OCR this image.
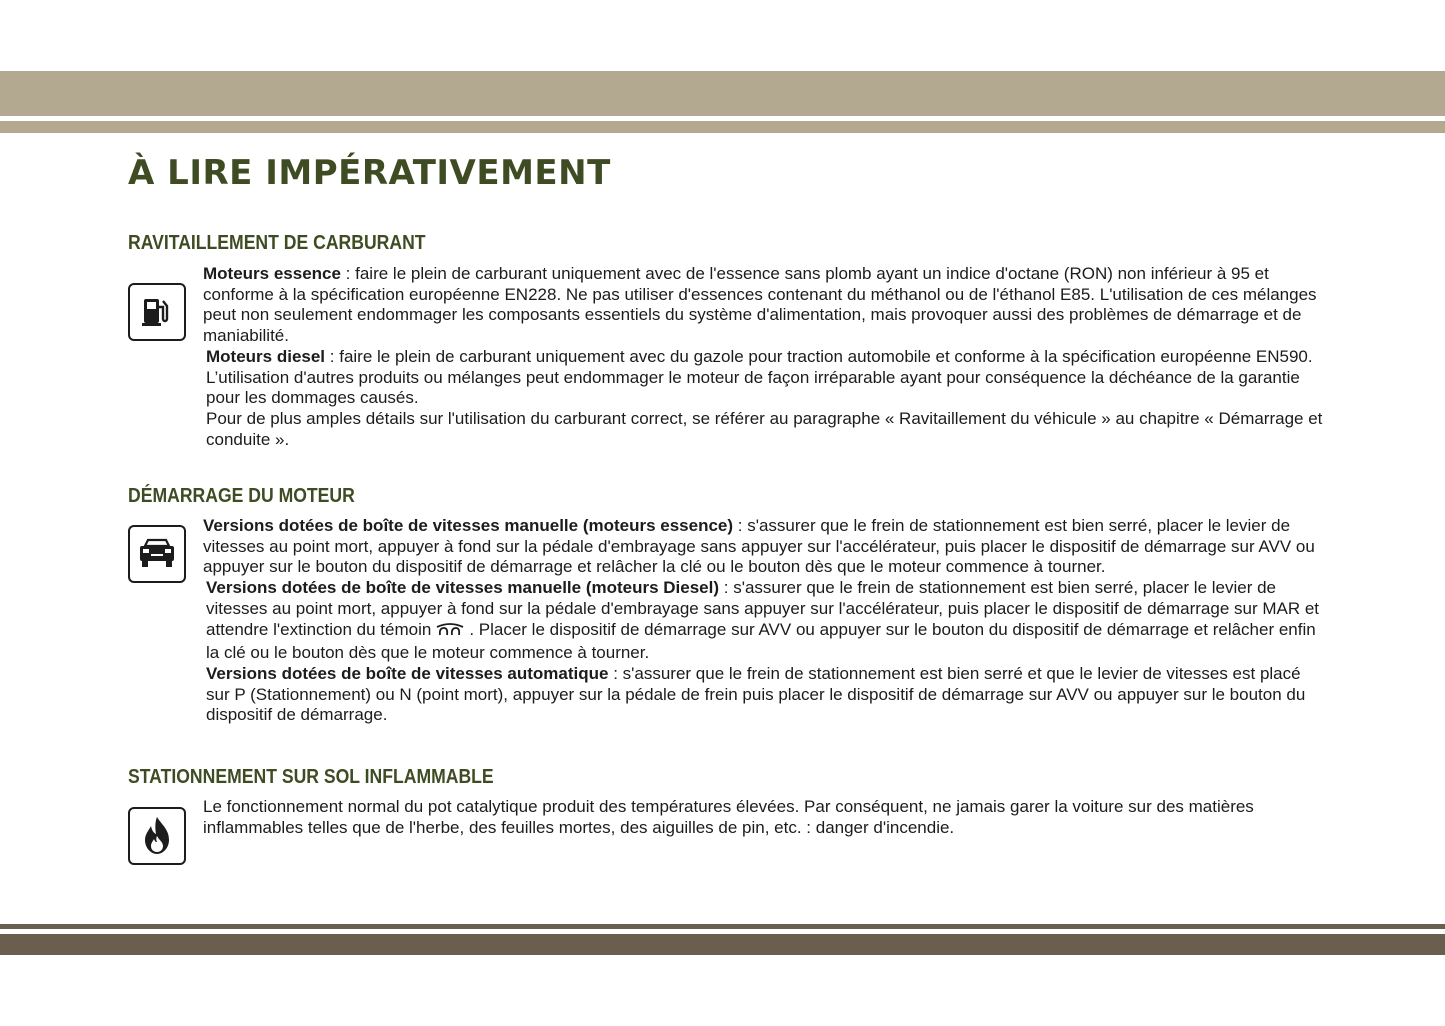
À LIRE IMPÉRATIVEMENT
RAVITAILLEMENT DE CARBURANT

Moteurs essence : faire le plein de carburant uniquement avec de l'essence sans plomb ayant un indice d'octane (RON) non inférieur à 95 et conforme à la spécification européenne EN228. Ne pas utiliser d'essences contenant du méthanol ou de l'éthanol E85. L'utilisation de ces mélanges peut non seulement endommager les composants essentiels du système d'alimentation, mais provoquer aussi des problèmes de démarrage et de maniabilité.

Moteurs diesel : faire le plein de carburant uniquement avec du gazole pour traction automobile et conforme à la spécification européenne EN590. L’utilisation d'autres produits ou mélanges peut endommager le moteur de façon irréparable ayant pour conséquence la déchéance de la garantie pour les dommages causés.

Pour de plus amples détails sur l'utilisation du carburant correct, se référer au paragraphe « Ravitaillement du véhicule » au chapitre « Démarrage et conduite ».

DÉMARRAGE DU MOTEUR

Versions dotées de boîte de vitesses manuelle (moteurs essence) : s'assurer que le frein de stationnement est bien serré, placer le levier de vitesses au point mort, appuyer à fond sur la pédale d'embrayage sans appuyer sur l'accélérateur, puis placer le dispositif de démarrage sur AVV ou appuyer sur le bouton du dispositif de démarrage et relâcher la clé ou le bouton dès que le moteur commence à tourner.

Versions dotées de boîte de vitesses manuelle (moteurs Diesel) : s'assurer que le frein de stationnement est bien serré, placer le levier de vitesses au point mort, appuyer à fond sur la pédale d'embrayage sans appuyer sur l'accélérateur, puis placer le dispositif de démarrage sur MAR et attendre l'extinction du témoin . Placer le dispositif de démarrage sur AVV ou appuyer sur le bouton du dispositif de démarrage et relâcher enfin la clé ou le bouton dès que le moteur commence à tourner.

Versions dotées de boîte de vitesses automatique : s'assurer que le frein de stationnement est bien serré et que le levier de vitesses est placé sur P (Stationnement) ou N (point mort), appuyer sur la pédale de frein puis placer le dispositif de démarrage sur AVV ou appuyer sur le bouton du dispositif de démarrage.

STATIONNEMENT SUR SOL INFLAMMABLE

Le fonctionnement normal du pot catalytique produit des températures élevées. Par conséquent, ne jamais garer la voiture sur des matières inflammables telles que de l'herbe, des feuilles mortes, des aiguilles de pin, etc. : danger d'incendie.
